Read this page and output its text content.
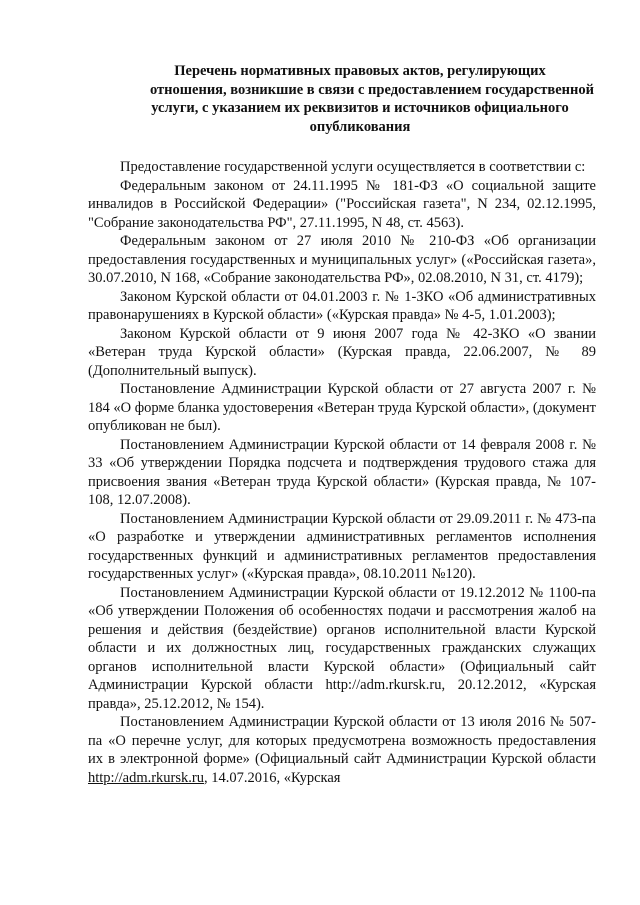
Перечень нормативных правовых актов, регулирующих
отношения, возникшие в связи с предоставлением государственной
услуги, с указанием их реквизитов и источников официального
опубликования

Предоставление государственной услуги осуществляется в соответствии с:

Федеральным законом от 24.11.1995 № 181-ФЗ «О социальной защите инвалидов в Российской Федерации» ("Российская газета", N 234, 02.12.1995, "Собрание законодательства РФ", 27.11.1995, N 48, ст. 4563).

Федеральным законом от 27 июля 2010 № 210-ФЗ «Об организации предоставления государственных и муниципальных услуг» («Российская газета», 30.07.2010, N 168, «Собрание законодательства РФ», 02.08.2010, N 31, ст. 4179);

Законом Курской области от 04.01.2003 г. № 1-ЗКО «Об административных правонарушениях в Курской области» («Курская правда» № 4-5, 1.01.2003);

Законом Курской области от 9 июня 2007 года № 42-ЗКО «О звании «Ветеран труда Курской области» (Курская правда, 22.06.2007, № 89 (Дополнительный выпуск).

Постановление Администрации Курской области от 27 августа 2007 г. № 184 «О форме бланка удостоверения «Ветеран труда Курской области», (документ опубликован не был).

Постановлением Администрации Курской области от 14 февраля 2008 г. № 33 «Об утверждении Порядка подсчета и подтверждения трудового стажа для присвоения звания «Ветеран труда Курской области» (Курская правда, № 107-108, 12.07.2008).

Постановлением Администрации Курской области от 29.09.2011 г. № 473-па «О разработке и утверждении административных регламентов исполнения государственных функций и административных регламентов предоставления государственных услуг» («Курская правда», 08.10.2011 №120).

Постановлением Администрации Курской области от 19.12.2012 № 1100-па «Об утверждении Положения об особенностях подачи и рассмотрения жалоб на решения и действия (бездействие) органов исполнительной власти Курской области и их должностных лиц, государственных гражданских служащих органов исполнительной власти Курской области» (Официальный сайт Администрации Курской области http://adm.rkursk.ru, 20.12.2012, «Курская правда», 25.12.2012, № 154).

Постановлением Администрации Курской области от 13 июля 2016 № 507-па «О перечне услуг, для которых предусмотрена возможность предоставления их в электронной форме» (Официальный сайт Администрации Курской области http://adm.rkursk.ru, 14.07.2016, «Курская
